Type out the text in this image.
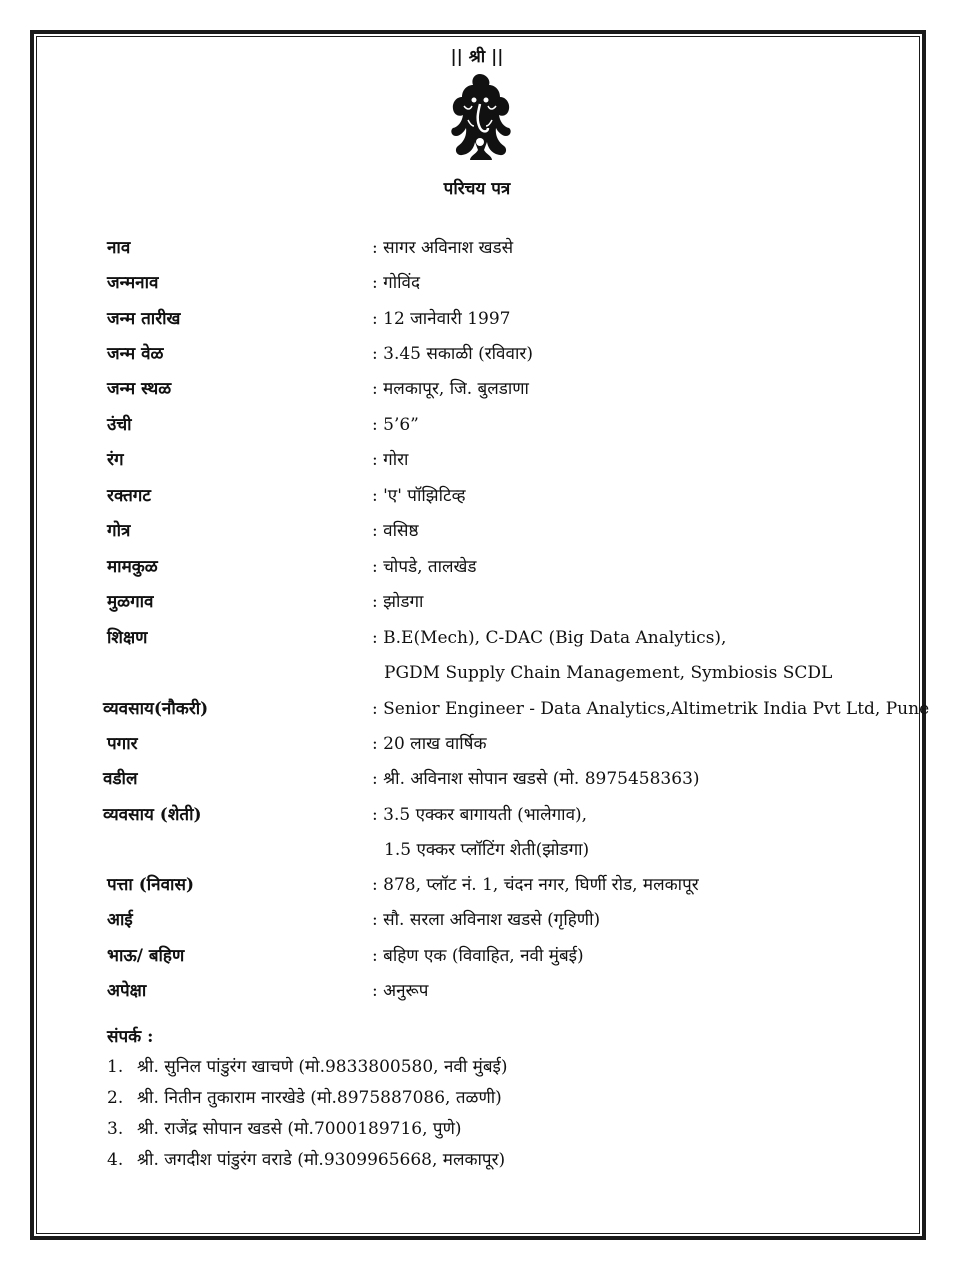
|| श्री ||
परिचय पत्र
नाव	: सागर अविनाश खडसे
जन्मनाव	: गोविंद
जन्म तारीख	: 12 जानेवारी 1997
जन्म वेळ	: 3.45 सकाळी (रविवार)
जन्म स्थळ	: मलकापूर, जि. बुलडाणा
उंची	: 5’6”
रंग	: गोरा
रक्तगट	: 'ए' पॉझिटिव्ह
गोत्र	: वसिष्ठ
मामकुळ	: चोपडे, तालखेड
मुळगाव	: झोडगा
शिक्षण	: B.E(Mech), C-DAC (Big Data Analytics),
PGDM Supply Chain Management, Symbiosis SCDL
व्यवसाय(नौकरी)	: Senior Engineer - Data Analytics,Altimetrik India Pvt Ltd, Pune
पगार	: 20 लाख वार्षिक
वडील	: श्री. अविनाश सोपान खडसे (मो. 8975458363)
व्यवसाय (शेती)	: 3.5 एक्कर बागायती (भालेगाव),
1.5 एक्कर प्लॉटिंग शेती(झोडगा)
पत्ता (निवास)	: 878, प्लॉट नं. 1, चंदन नगर, घिर्णी रोड, मलकापूर
आई	: सौ. सरला अविनाश खडसे (गृहिणी)
भाऊ/ बहिण	: बहिण एक (विवाहित, नवी मुंबई)
अपेक्षा	: अनुरूप
संपर्क :
1. श्री. सुनिल पांडुरंग खाचणे (मो.9833800580, नवी मुंबई)
2. श्री. नितीन तुकाराम नारखेडे (मो.8975887086, तळणी)
3. श्री. राजेंद्र सोपान खडसे (मो.7000189716, पुणे)
4. श्री. जगदीश पांडुरंग वराडे (मो.9309965668, मलकापूर)
